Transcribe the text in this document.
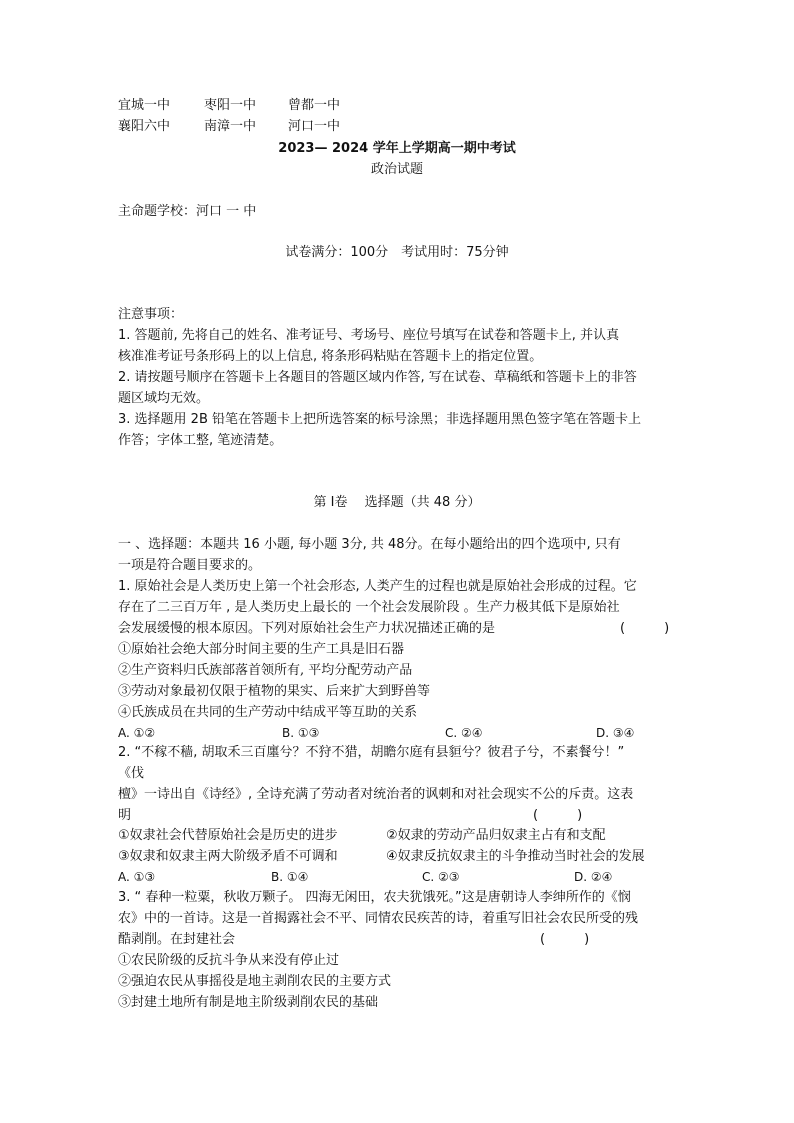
宜城一中	枣阳一中 曾都一中
襄阳六中	南漳一中 河口一中
2023— 2024 学年上学期高一期中考试
政治试题
主命题学校：河口 一 中
试卷满分：100分　考试用时：75分钟
注意事项：
1. 答题前, 先将自己的姓名、准考证号、考场号、座位号填写在试卷和答题卡上, 并认真
核准准考证号条形码上的以上信息, 将条形码粘贴在答题卡上的指定位置。
2. 请按题号顺序在答题卡上各题目的答题区域内作答, 写在试卷、草稿纸和答题卡上的非答
题区域均无效。
3. 选择题用 2B 铅笔在答题卡上把所选答案的标号涂黑；非选择题用黑色签字笔在答题卡上
作答；字体工整, 笔迹清楚。
第 Ⅰ卷　 选择题（共 48 分）
一 、选择题：本题共 16 小题, 每小题 3分, 共 48分。在每小题给出的四个选项中, 只有
一项是符合题目要求的。
1. 原始社会是人类历史上第一个社会形态, 人类产生的过程也就是原始社会形成的过程。它
存在了二三百万年 , 是人类历史上最长的 一个社会发展阶段 。生产力极其低下是原始社
会发展缓慢的根本原因。下列对原始社会生产力状况描述正确的是	(　　　)
①原始社会绝大部分时间主要的生产工具是旧石器
②生产资料归氏族部落首领所有, 平均分配劳动产品
③劳动对象最初仅限于植物的果实、后来扩大到野兽等
④氏族成员在共同的生产劳动中结成平等互助的关系
A. ①②	B. ①③	C. ②④	D. ③④
2. “不稼不穑, 胡取禾三百廛兮？不狩不猎，胡瞻尔庭有县貆兮？彼君子兮，不素餐兮！”
《伐
檀》一诗出自《诗经》, 全诗充满了劳动者对统治者的讽刺和对社会现实不公的斥责。这表
明	(　　　)
①奴隶社会代替原始社会是历史的进步	②奴隶的劳动产品归奴隶主占有和支配
③奴隶和奴隶主两大阶级矛盾不可调和	④奴隶反抗奴隶主的斗争推动当时社会的发展
A. ①③	B. ①④	C. ②③	D. ②④
3. “ 春种一粒粟，秋收万颗子。 四海无闲田，农夫犹饿死。”这是唐朝诗人李绅所作的《悯
农》中的一首诗。这是一首揭露社会不平、同情农民疾苦的诗，着重写旧社会农民所受的残
酷剥削。在封建社会	(　　　)
①农民阶级的反抗斗争从来没有停止过
②强迫农民从事摇役是地主剥削农民的主要方式
③封建土地所有制是地主阶级剥削农民的基础
